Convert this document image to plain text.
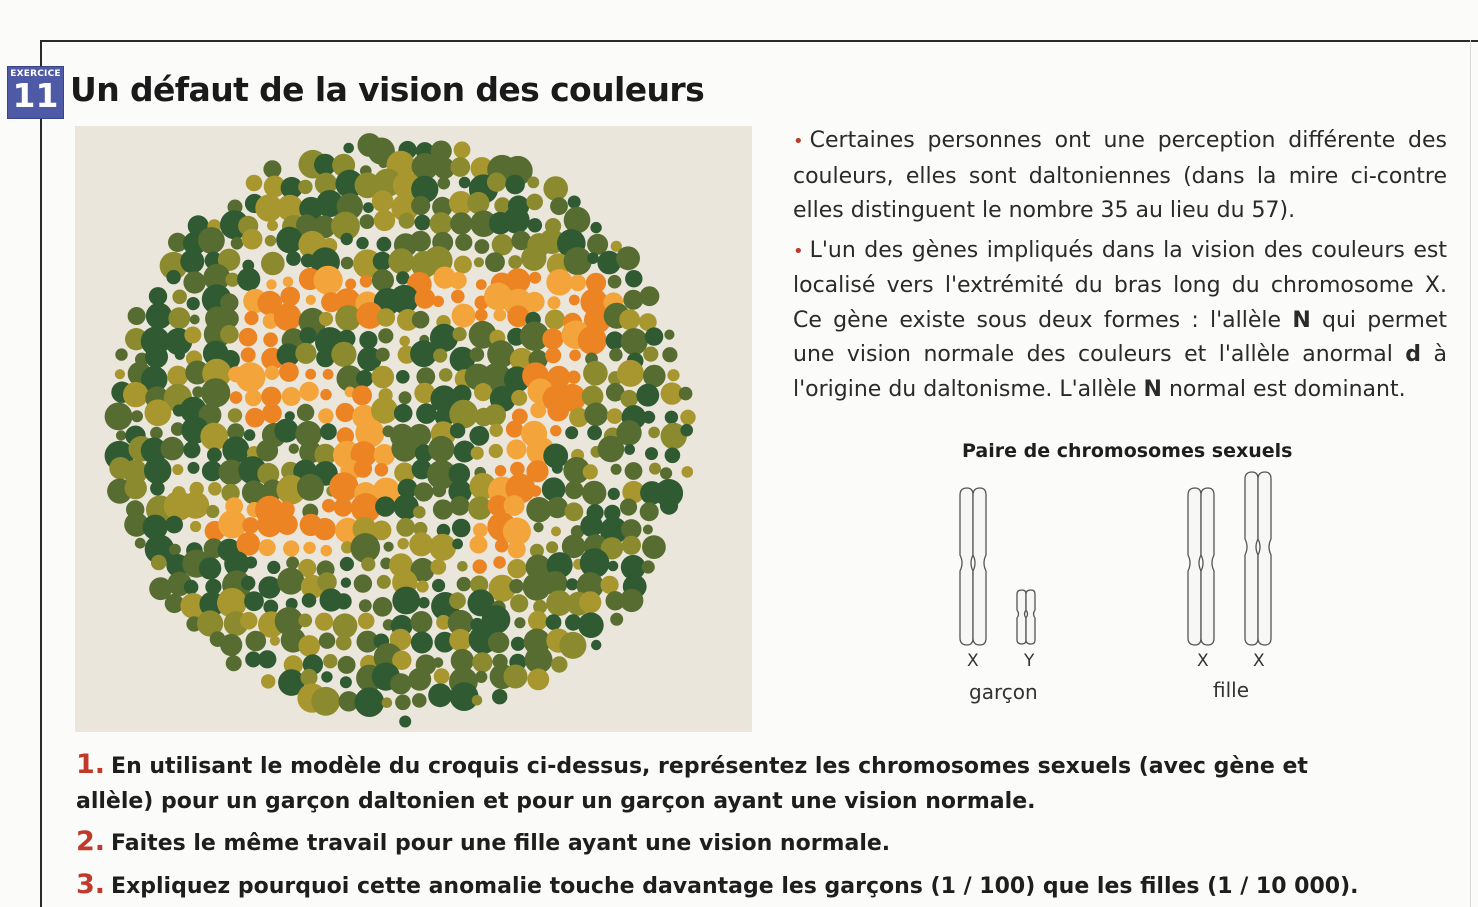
EXERCICE
11 Un défaut de la vision des couleurs

• Certaines personnes ont une perception différente des couleurs, elles sont daltoniennes (dans la mire ci-contre elles distinguent le nombre 35 au lieu du 57).

• L'un des gènes impliqués dans la vision des couleurs est localisé vers l'extrémité du bras long du chromosome X. Ce gène existe sous deux formes : l'allèle N qui permet une vision normale des couleurs et l'allèle anormal d à l'origine du daltonisme. L'allèle N normal est dominant.

Paire de chromosomes sexuels
X	Y	X	X
garçon	fille

1. En utilisant le modèle du croquis ci-dessus, représentez les chromosomes sexuels (avec gène et allèle) pour un garçon daltonien et pour un garçon ayant une vision normale.

2. Faites le même travail pour une fille ayant une vision normale.

3. Expliquez pourquoi cette anomalie touche davantage les garçons (1 / 100) que les filles (1 / 10 000).
